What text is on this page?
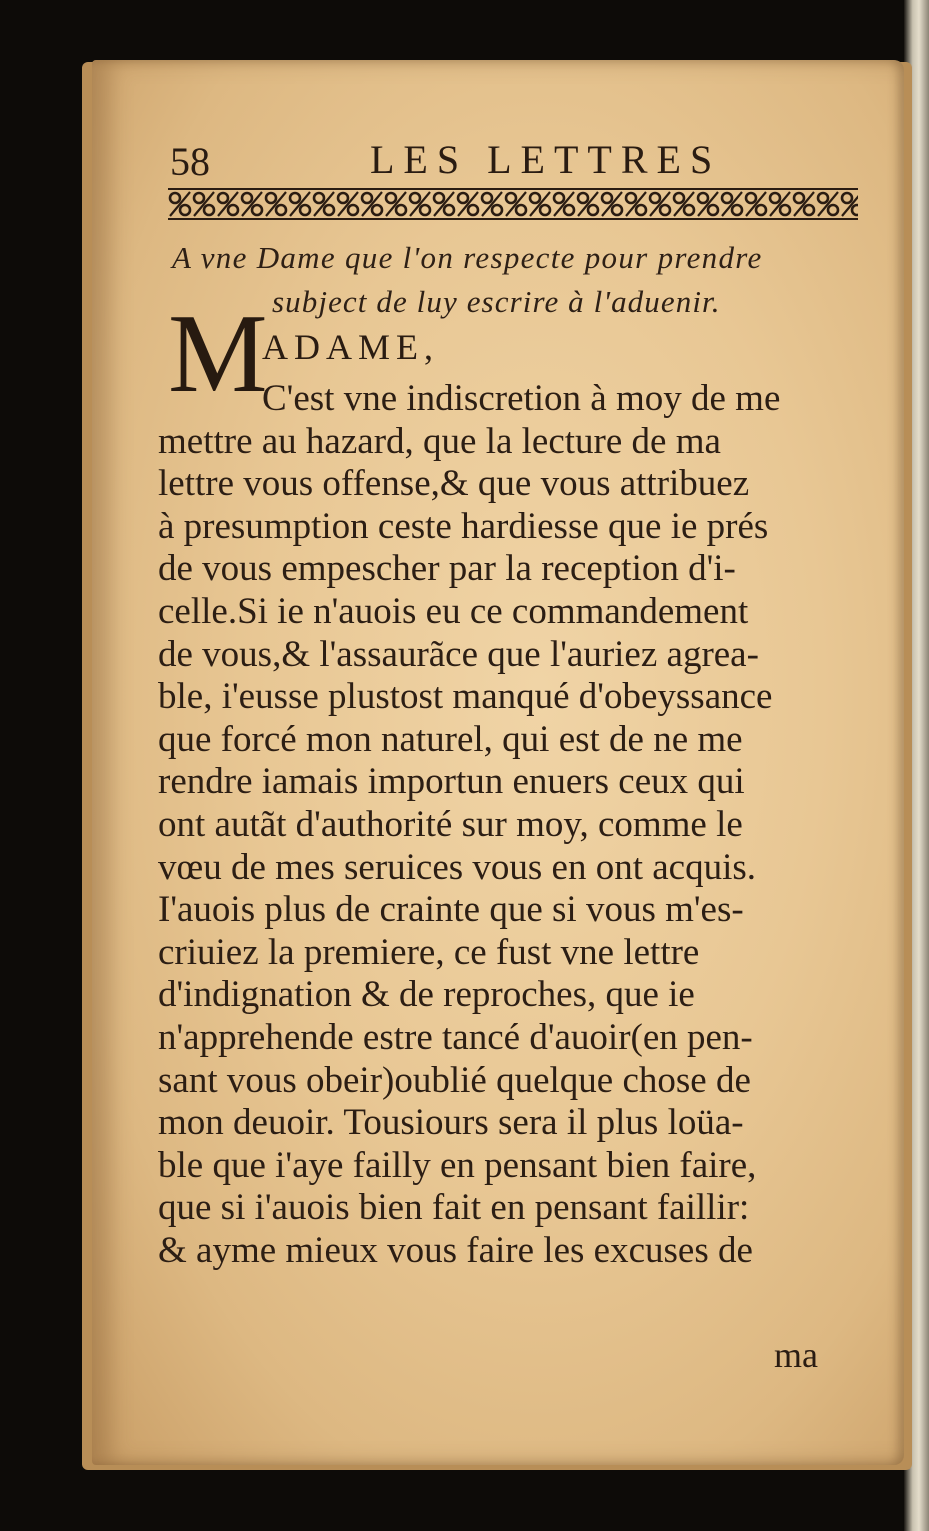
58	LES LETTRES
A vne Dame que l'on respecte pour prendre
subject de luy escrire à l'aduenir.
M
ADAME,
C'est vne indiscretion à moy de me
mettre au hazard, que la lecture de ma
lettre vous offense,& que vous attribuez
à presumption ceste hardiesse que ie prés
de vous empescher par la reception d'i-
celle.Si ie n'auois eu ce commandement
de vous,& l'assaurãce que l'auriez agrea-
ble, i'eusse plustost manqué d'obeyssance
que forcé mon naturel, qui est de ne me
rendre iamais importun enuers ceux qui
ont autãt d'authorité sur moy, comme le
vœu de mes seruices vous en ont acquis.
I'auois plus de crainte que si vous m'es-
criuiez la premiere, ce fust vne lettre
d'indignation & de reproches, que ie
n'apprehende estre tancé d'auoir(en pen-
sant vous obeir)oublié quelque chose de
mon deuoir. Tousiours sera il plus loüa-
ble que i'aye failly en pensant bien faire,
que si i'auois bien fait en pensant faillir:
& ayme mieux vous faire les excuses de
ma
